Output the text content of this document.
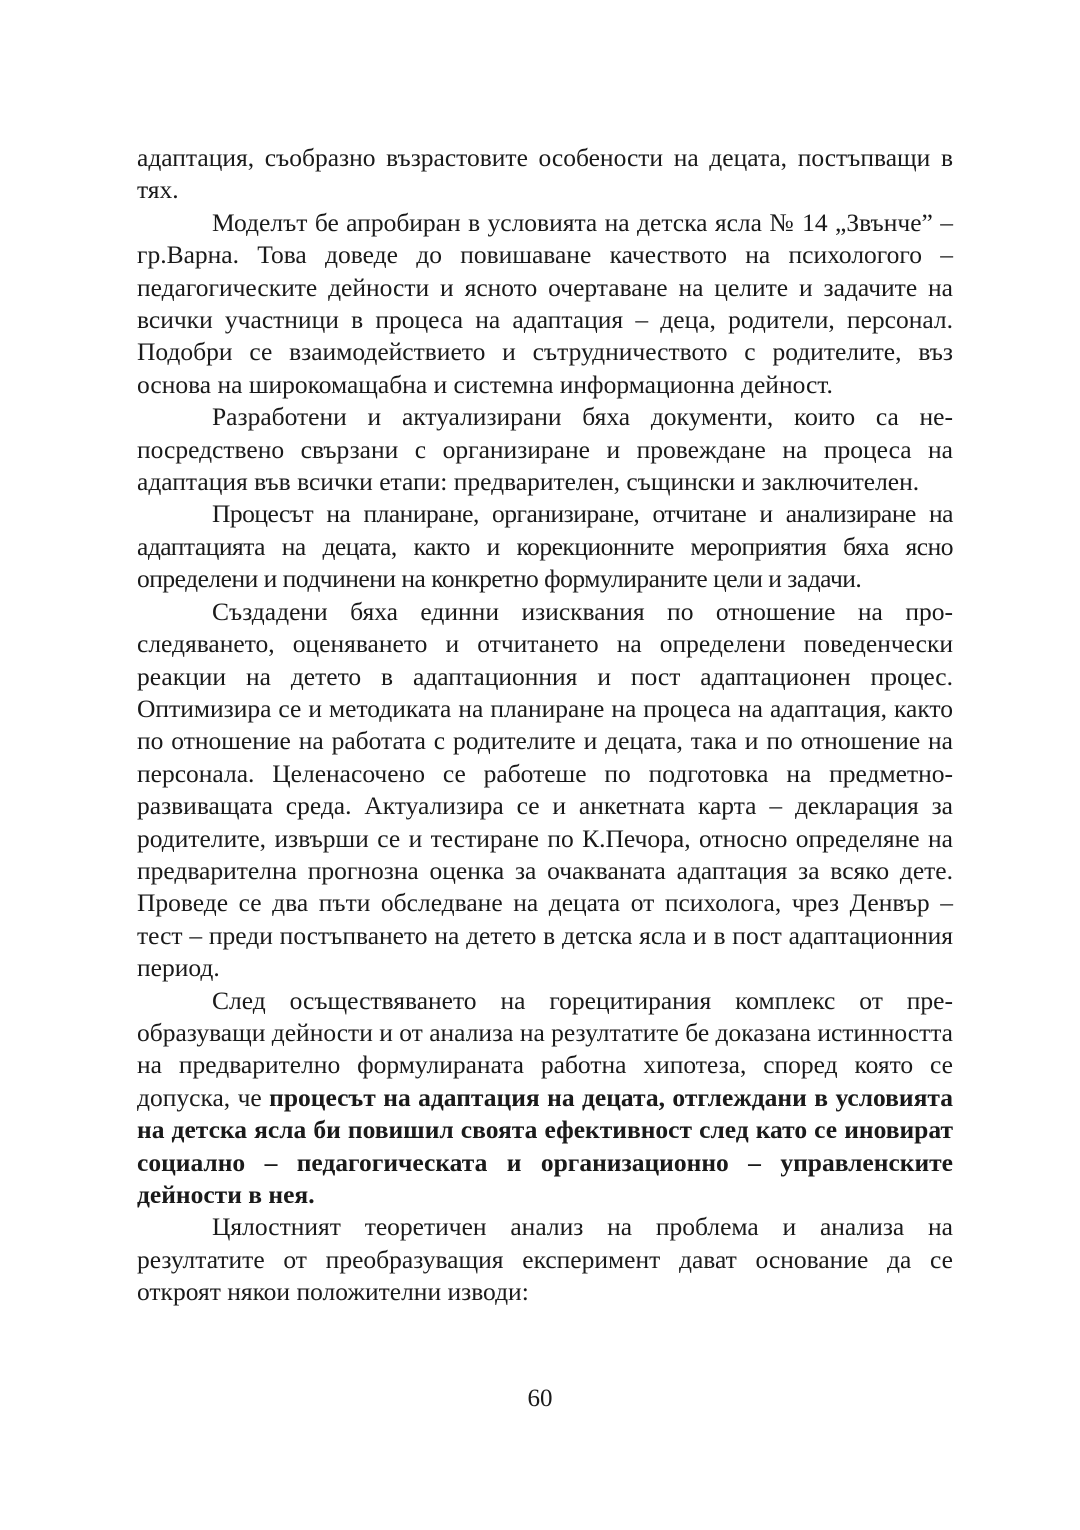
адаптация, съобразно възрастовите особености на децата, постъпващи в тях.

Моделът бе апробиран в условията на детска ясла № 14 „Звънче” – гр.Варна. Това доведе до повишаване качеството на психологого – педагогическите дейности и ясното очертаване на целите и задачите на всички участници в процеса на адаптация – деца, родители, персонал. Подобри се взаимодействието и сътрудничеството с родителите, въз основа на широкомащабна и системна информационна дейност.

Разработени и актуализирани бяха документи, които са непосредствено свързани с организиране и провеждане на процеса на адаптация във всички етапи: предварителен, същински и заключителен.

Процесът на планиране, организиране, отчитане и анализиране на адаптацията на децата, както и корекционните мероприятия бяха ясно определени и подчинени на конкретно формулираните цели и задачи.

Създадени бяха единни изисквания по отношение на проследяването, оценяването и отчитането на определени поведенчески реакции на детето в адаптационния и пост адаптационен процес. Оптимизира се и методиката на планиране на процеса на адаптация, както по отношение на работата с родителите и децата, така и по отношение на персонала. Целенасочено се работеше по подготовка на предметно-развиващата среда. Актуализира се и анкетната карта – декларация за родителите, извърши се и тестиране по К.Печора, относно определяне на предварителна прогнозна оценка за очакваната адаптация за всяко дете. Проведе се два пъти обследване на децата от психолога, чрез Денвър – тест – преди постъпването на детето в детска ясла и в пост адаптационния период.

След осъществяването на горецитирания комплекс от преобразуващи дейности и от анализа на резултатите бе доказана истинността на предварително формулираната работна хипотеза, според която се допуска, че процесът на адаптация на децата, отглеждани в условията на детска ясла би повишил своята ефективност след като се иновират социално – педагогическата и организационно – управленските дейности в нея.

Цялостният теоретичен анализ на проблема и анализа на резултатите от преобразуващия експеримент дават основание да се откроят някои положителни изводи:

60
